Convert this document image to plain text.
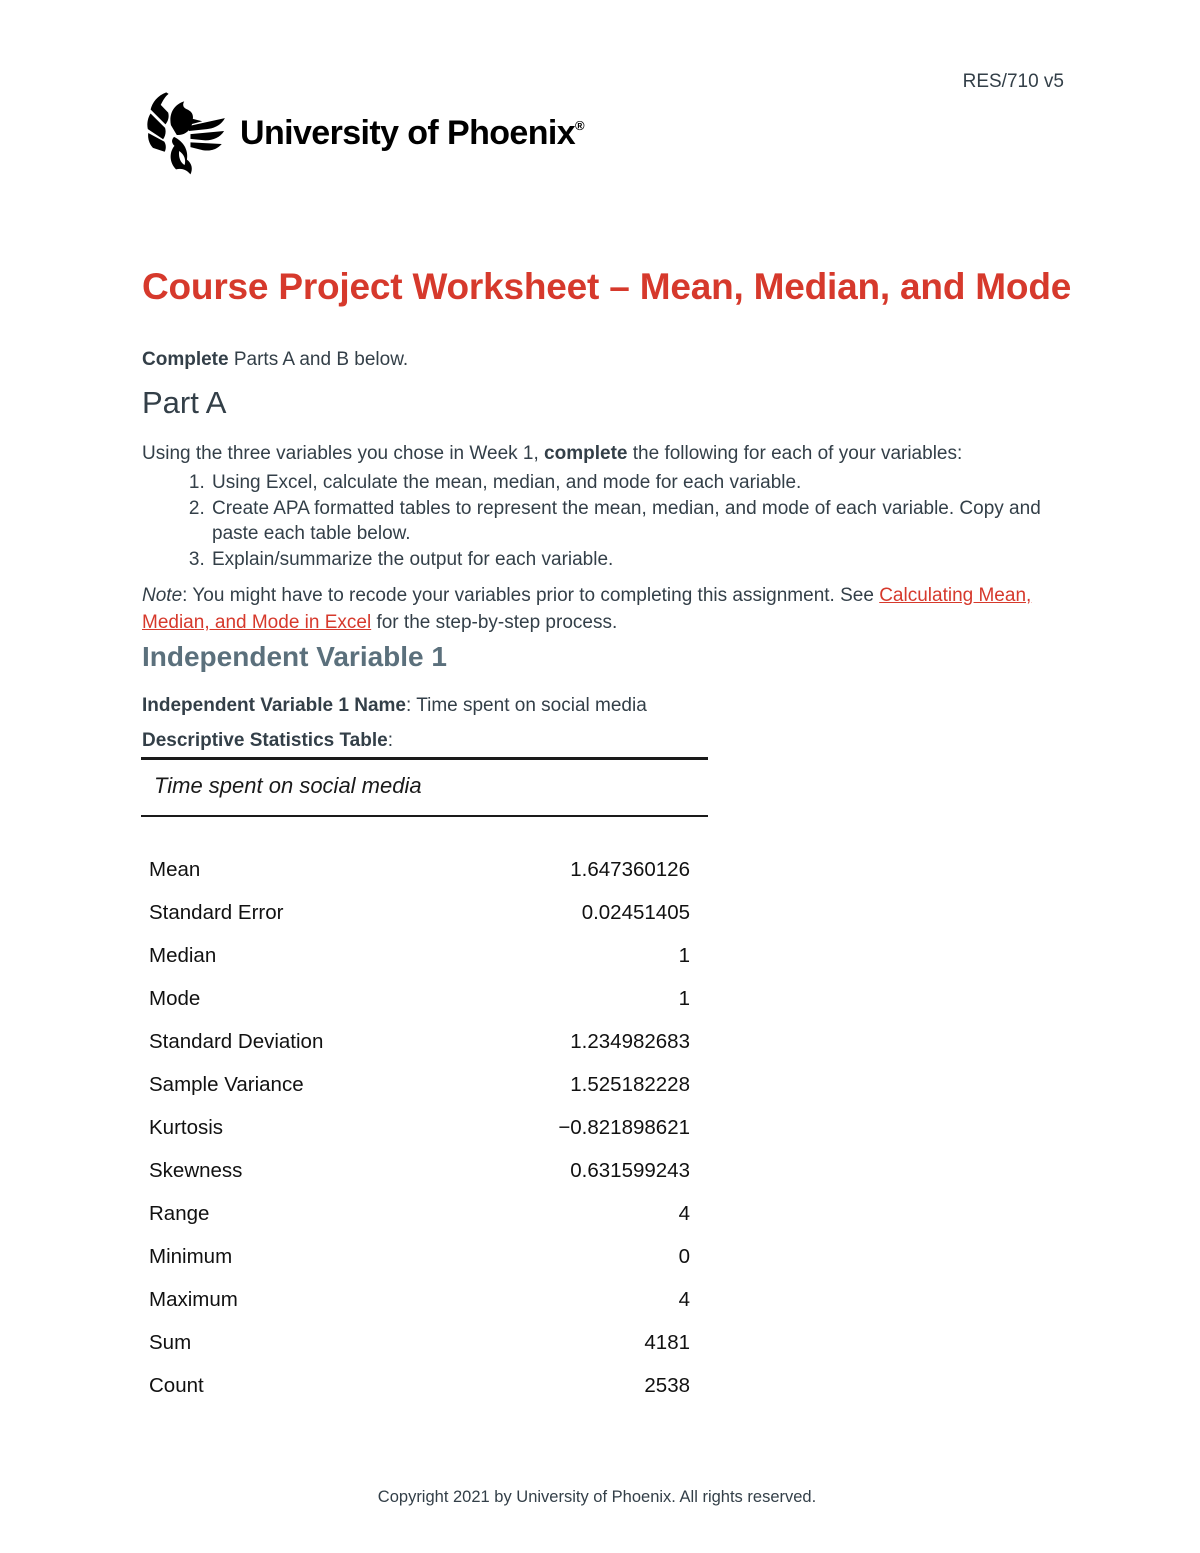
RES/710 v5
University of Phoenix®
Course Project Worksheet – Mean, Median, and Mode

Complete Parts A and B below.

Part A

Using the three variables you chose in Week 1, complete the following for each of your variables:

1. Using Excel, calculate the mean, median, and mode for each variable.
2. Create APA formatted tables to represent the mean, median, and mode of each variable. Copy and paste each table below.
3. Explain/summarize the output for each variable.

Note: You might have to recode your variables prior to completing this assignment. See Calculating Mean, Median, and Mode in Excel for the step-by-step process.

Independent Variable 1

Independent Variable 1 Name: Time spent on social media

Descriptive Statistics Table:

Time spent on social media
Mean	1.647360126
Standard Error	0.02451405
Median	1
Mode	1
Standard Deviation	1.234982683
Sample Variance	1.525182228
Kurtosis	−0.821898621
Skewness	0.631599243
Range	4
Minimum	0
Maximum	4
Sum	4181
Count	2538
Copyright 2021 by University of Phoenix. All rights reserved.
